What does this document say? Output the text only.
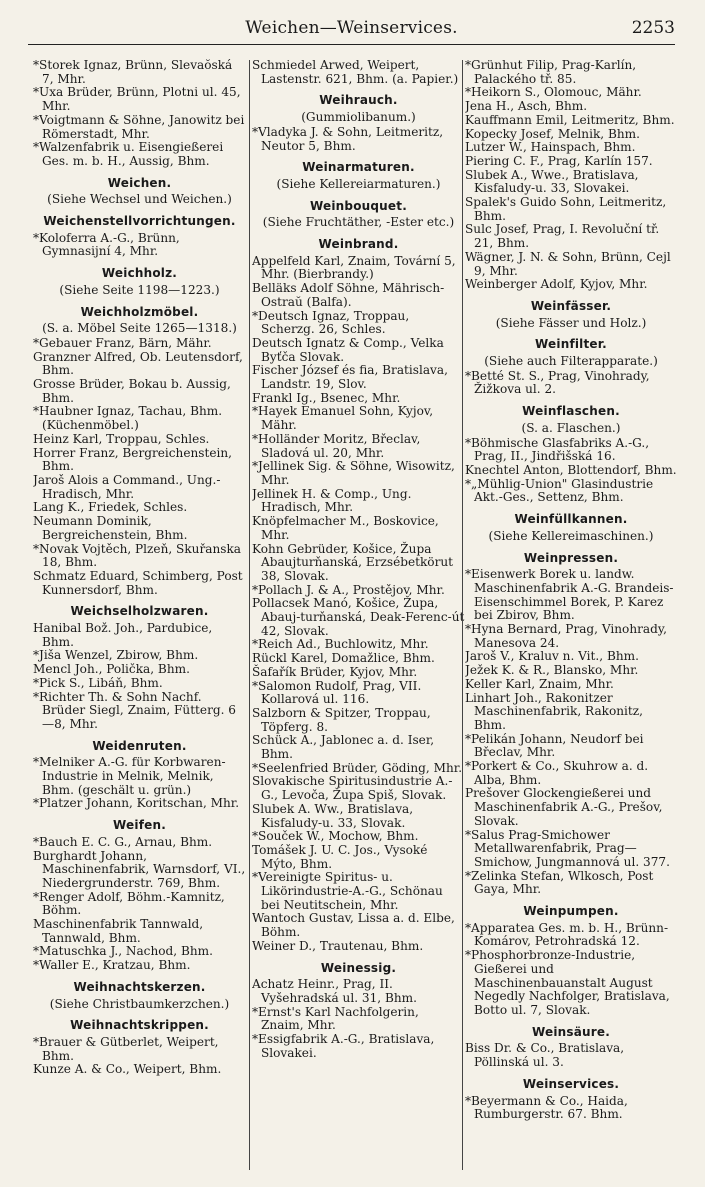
Weichen—Weinservices.	2253
*Storek Ignaz, Brünn, Slevaŏská 7, Mhr.
*Uxa Brüder, Brünn, Plotni ul. 45, Mhr.
*Voigtmann & Söhne, Janowitz bei Römerstadt, Mhr.
*Walzenfabrik u. Eisengießerei Ges. m. b. H., Aussig, Bhm.
Weichen.
(Siehe Wechsel und Weichen.)
Weichenstellvorrichtungen.
*Koloferra A.-G., Brünn, Gymnasijní 4, Mhr.
Weichholz.
(Siehe Seite 1198—1223.)
Weichholzmöbel.
(S. a. Möbel Seite 1265—1318.)
*Gebauer Franz, Bärn, Mähr.
Granzner Alfred, Ob. Leutensdorf, Bhm.
Grosse Brüder, Bokau b. Aussig, Bhm.
*Haubner Ignaz, Tachau, Bhm. (Küchenmöbel.)
Heinz Karl, Troppau, Schles.
Horrer Franz, Bergreichenstein, Bhm.
Jaroš Alois a Command., Ung.-Hradisch, Mhr.
Lang K., Friedek, Schles.
Neumann Dominik, Bergreichenstein, Bhm.
*Novak Vojtěch, Plzeň, Skuřanska 18, Bhm.
Schmatz Eduard, Schimberg, Post Kunnersdorf, Bhm.
Weichselholzwaren.
Hanibal Bož. Joh., Pardubice, Bhm.
*Jiša Wenzel, Zbirow, Bhm.
Mencl Joh., Polička, Bhm.
*Pick S., Libáň, Bhm.
*Richter Th. & Sohn Nachf. Brüder Siegl, Znaim, Fütterg. 6—8, Mhr.
Weidenruten.
*Melniker A.-G. für Korbwaren-Industrie in Melnik, Melnik, Bhm. (geschält u. grün.)
*Platzer Johann, Koritschan, Mhr.
Weifen.
*Bauch E. C. G., Arnau, Bhm.
Burghardt Johann, Maschinenfabrik, Warnsdorf, VI., Niedergrunderstr. 769, Bhm.
*Renger Adolf, Böhm.-Kamnitz, Böhm.
Maschinenfabrik Tannwald, Tannwald, Bhm.
*Matuschka J., Nachod, Bhm.
*Waller E., Kratzau, Bhm.
Weihnachtskerzen.
(Siehe Christbaumkerzchen.)
Weihnachtskrippen.
*Brauer & Gütberlet, Weipert, Bhm.
Kunze A. & Co., Weipert, Bhm.
Schmiedel Arwed, Weipert, Lastenstr. 621, Bhm. (a. Papier.)
Weihrauch.
(Gummiolibanum.)
*Vladyka J. & Sohn, Leitmeritz, Neutor 5, Bhm.
Weinarmaturen.
(Siehe Kellereiarmaturen.)
Weinbouquet.
(Siehe Fruchtäther, -Ester etc.)
Weinbrand.
Appelfeld Karl, Znaim, Tovární 5, Mhr. (Bierbrandy.)
Belläks Adolf Söhne, Mährisch-Ostraŭ (Balfa).
*Deutsch Ignaz, Troppau, Scherzg. 26, Schles.
Deutsch Ignatz & Comp., Velka Byťča Slovak.
Fischer József és fia, Bratislava, Landstr. 19, Slov.
Frankl Ig., Bsenec, Mhr.
*Hayek Emanuel Sohn, Kyjov, Mähr.
*Holländer Moritz, Břeclav, Sladová ul. 20, Mhr.
*Jellinek Sig. & Söhne, Wisowitz, Mhr.
Jellinek H. & Comp., Ung. Hradisch, Mhr.
Knöpfelmacher M., Boskovice, Mhr.
Kohn Gebrüder, Košice, Župa Abaujturňanská, Erzsébetkörut 38, Slovak.
*Pollach J. & A., Prostějov, Mhr.
Pollacsek Manó, Košice, Župa, Abauj-turňanská, Deak-Ferenc-út 42, Slovak.
*Reich Ad., Buchlowitz, Mhr.
Rückl Karel, Domažlice, Bhm.
Šafařík Brüder, Kyjov, Mhr.
*Salomon Rudolf, Prag, VII. Kollarová ul. 116.
Salzborn & Spitzer, Troppau, Töpferg. 8.
Schück A., Jablonec a. d. Iser, Bhm.
*Seelenfried Brüder, Göding, Mhr.
Slovakische Spiritusindustrie A.-G., Levoča, Župa Spiš, Slovak.
Slubek A. Ww., Bratislava, Kisfaludy-u. 33, Slovak.
*Souček W., Mochow, Bhm.
Tomášek J. U. C. Jos., Vysoké Mýto, Bhm.
*Vereinigte Spiritus- u. Likörindustrie-A.-G., Schönau bei Neutitschein, Mhr.
Wantoch Gustav, Lissa a. d. Elbe, Böhm.
Weiner D., Trautenau, Bhm.
Weinessig.
Achatz Heinr., Prag, II. Vyšehradská ul. 31, Bhm.
*Ernst's Karl Nachfolgerin, Znaim, Mhr.
*Essigfabrik A.-G., Bratislava, Slovakei.
*Grünhut Filip, Prag-Karlín, Palackého tř. 85.
*Heikorn S., Olomouc, Mähr.
Jena H., Asch, Bhm.
Kauffmann Emil, Leitmeritz, Bhm.
Kopecky Josef, Melnik, Bhm.
Lutzer W., Hainspach, Bhm.
Piering C. F., Prag, Karlín 157.
Slubek A., Wwe., Bratislava, Kisfaludy-u. 33, Slovakei.
Spalek's Guido Sohn, Leitmeritz, Bhm.
Sulc Josef, Prag, I. Revoluční tř. 21, Bhm.
Wägner, J. N. & Sohn, Brünn, Cejl 9, Mhr.
Weinberger Adolf, Kyjov, Mhr.
Weinfässer.
(Siehe Fässer und Holz.)
Weinfilter.
(Siehe auch Filterapparate.)
*Betté St. S., Prag, Vinohrady, Žižkova ul. 2.
Weinflaschen.
(S. a. Flaschen.)
*Böhmische Glasfabriks A.-G., Prag, II., Jindřišská 16.
Knechtel Anton, Blottendorf, Bhm.
*„Mühlig-Union" Glasindustrie Akt.-Ges., Settenz, Bhm.
Weinfüllkannen.
(Siehe Kellereimaschinen.)
Weinpressen.
*Eisenwerk Borek u. landw. Maschinenfabrik A.-G. Brandeis-Eisenschimmel Borek, P. Karez bei Zbirov, Bhm.
*Hyna Bernard, Prag, Vinohrady, Manesova 24.
Jaroš V., Kraluv n. Vit., Bhm.
Ježek K. & R., Blansko, Mhr.
Keller Karl, Znaim, Mhr.
Linhart Joh., Rakonitzer Maschinenfabrik, Rakonitz, Bhm.
*Pelikán Johann, Neudorf bei Břeclav, Mhr.
*Porkert & Co., Skuhrow a. d. Alba, Bhm.
Prešover Glockengießerei und Maschinenfabrik A.-G., Prešov, Slovak.
*Salus Prag-Smichower Metallwarenfabrik, Prag—Smichow, Jungmannová ul. 377.
*Zelinka Stefan, Wlkosch, Post Gaya, Mhr.
Weinpumpen.
*Apparatea Ges. m. b. H., Brünn-Komárov, Petrohradská 12.
*Phosphorbronze-Industrie, Gießerei und Maschinenbauanstalt August Negedly Nachfolger, Bratislava, Botto ul. 7, Slovak.
Weinsäure.
Biss Dr. & Co., Bratislava, Pöllinská ul. 3.
Weinservices.
*Beyermann & Co., Haida, Rumburgerstr. 67. Bhm.
